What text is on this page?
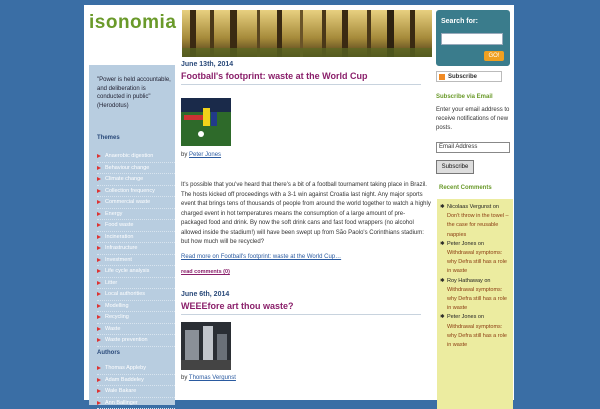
isonomia	Search for:
GO!
"Power is held accountable, and deliberation is conducted in public" (Herodotus)
Themes
Anaerobic digestion
Behaviour change
Climate change
Collection frequency
Commercial waste
Energy
Food waste
Incineration
Infrastructure
Investment
Life cycle analysis
Litter
Local authorities
Modelling
Recycling
Waste
Waste prevention
Authors
Thomas Appleby
Adam Baddeley
Wale Bakare
Ann Ballinger
June 13th, 2014
Football's footprint: waste at the World Cup
by Peter Jones
It's possible that you've heard that there's a bit of a football tournament taking place in Brazil. The hosts kicked off proceedings with a 3-1 win against Croatia last night. Any major sports event that brings tens of thousands of people from around the world together to watch a highly charged event in hot temperatures means the consumption of a large amount of pre-packaged food and drink. By now the soft drink cans and fast food wrappers (no alcohol allowed inside the stadium!) will have been swept up from São Paolo's Corinthians stadium: but how much will be recycled?
Read more on Football's footprint: waste at the World Cup…
read comments (0)
June 6th, 2014
WEEEfore art thou waste?
by Thomas Vergunst
Subscribe
Subscribe via Email
Enter your email address to receive notifications of new posts.
Email Address
Subscribe
Recent Comments
✱ Nicolaas Vergunst on Don't throw in the towel – the case for reusable nappies
✱ Peter Jones on Withdrawal symptoms: why Defra still has a role in waste
✱ Roy Hathaway on Withdrawal symptoms: why Defra still has a role in waste
✱ Peter Jones on Withdrawal symptoms: why Defra still has a role in waste
